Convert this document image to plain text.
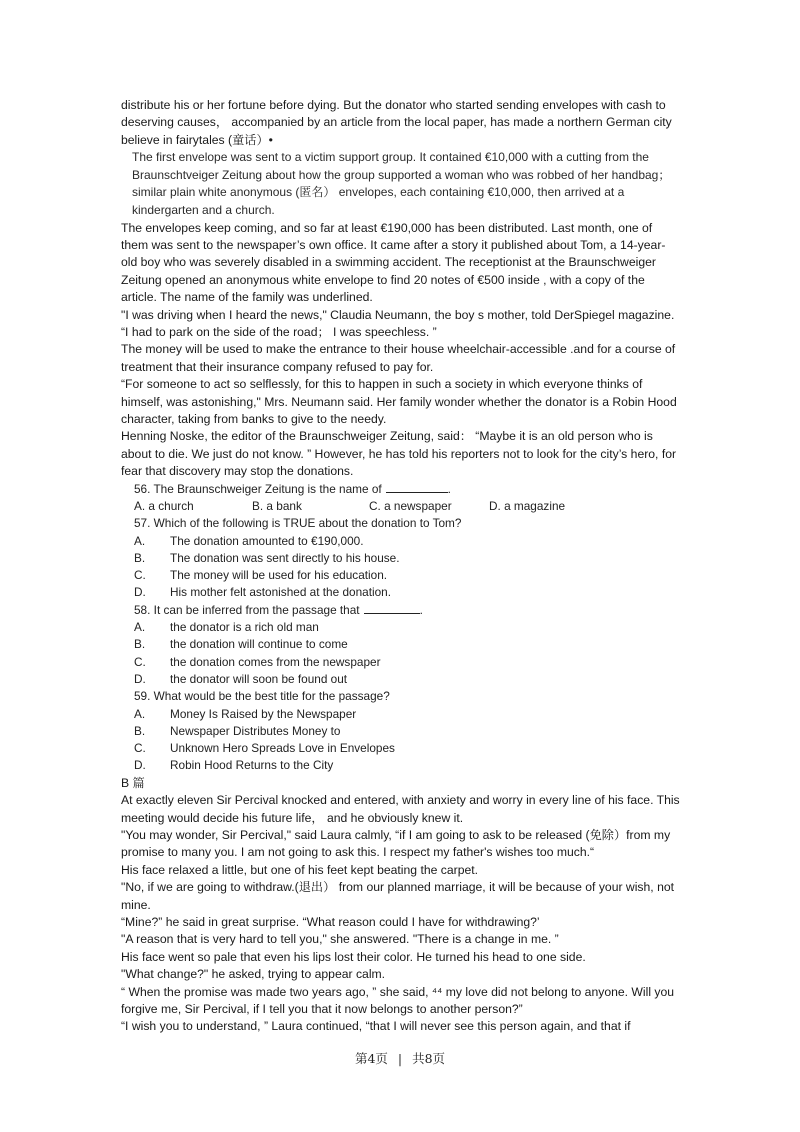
distribute his or her fortune before dying. But the donator who started sending envelopes with cash to deserving causes， accompanied by an article from the local paper, has made a northern German city believe in fairytales (童话）•

The first envelope was sent to a victim support group. It contained €10,000 with a cutting from the Braunschtveiger Zeitung about how the group supported a woman who was robbed of her handbag； similar plain white anonymous (匿名） envelopes, each containing €10,000, then arrived at a kindergarten and a church.

The envelopes keep coming, and so far at least €190,000 has been distributed. Last month, one of them was sent to the newspaper’s own office. It came after a story it published about Tom, a 14-year-old boy who was severely disabled in a swimming accident. The receptionist at the Braunschweiger Zeitung opened an anonymous white envelope to find 20 notes of €500 inside , with a copy of the article. The name of the family was underlined.

"I was driving when I heard the news," Claudia Neumann, the boy s mother, told DerSpiegel magazine. “I had to park on the side of the road； I was speechless. ”

The money will be used to make the entrance to their house wheelchair-accessible .and for a course of treatment that their insurance company refused to pay for.

“For someone to act so selflessly, for this to happen in such a society in which everyone thinks of himself, was astonishing," Mrs. Neumann said. Her family wonder whether the donator is a Robin Hood character, taking from banks to give to the needy.

Henning Noske, the editor of the Braunschweiger Zeitung, said： “Maybe it is an old person who is about to die. We just do not know. ” However, he has told his reporters not to look for the city’s hero, for fear that discovery may stop the donations.

56. The Braunschweiger Zeitung is the name of	.

A. a church	B. a bank	C. a newspaper	D. a magazine

57. Which of the following is TRUE about the donation to Tom?

A.	The donation amounted to €190,000.

B.	The donation was sent directly to his house.

C.	The money will be used for his education.

D.	His mother felt astonished at the donation.

58. It can be inferred from the passage that	.

A.	the donator is a rich old man

B.	the donation will continue to come

C.	the donation comes from the newspaper

D.	the donator will soon be found out

59. What would be the best title for the passage?

A.	Money Is Raised by the Newspaper

B.	Newspaper Distributes Money to

C.	Unknown Hero Spreads Love in Envelopes

D.	Robin Hood Returns to the City

B 篇

At exactly eleven Sir Percival knocked and entered, with anxiety and worry in every line of his face. This meeting would decide his future life， and he obviously knew it.

"You may wonder, Sir Percival," said Laura calmly, “if I am going to ask to be released (免除）from my promise to many you. I am not going to ask this. I respect my father's wishes too much.“

His face relaxed a little, but one of his feet kept beating the carpet.

"No, if we are going to withdraw.(退出） from our planned marriage, it will be because of your wish, not mine.

“Mine?” he said in great surprise. “What reason could I have for withdrawing?’

"A reason that is very hard to tell you," she answered. "There is a change in me. ”

His face went so pale that even his lips lost their color. He turned his head to one side.

"What change?" he asked, trying to appear calm.

“ When the promise was made two years ago, ” she said, ⁴⁴ my love did not belong to anyone. Will you forgive me, Sir Percival, if I tell you that it now belongs to another person?”

“I wish you to understand, ” Laura continued, “that I will never see this person again, and that if

第4页 | 共8页
